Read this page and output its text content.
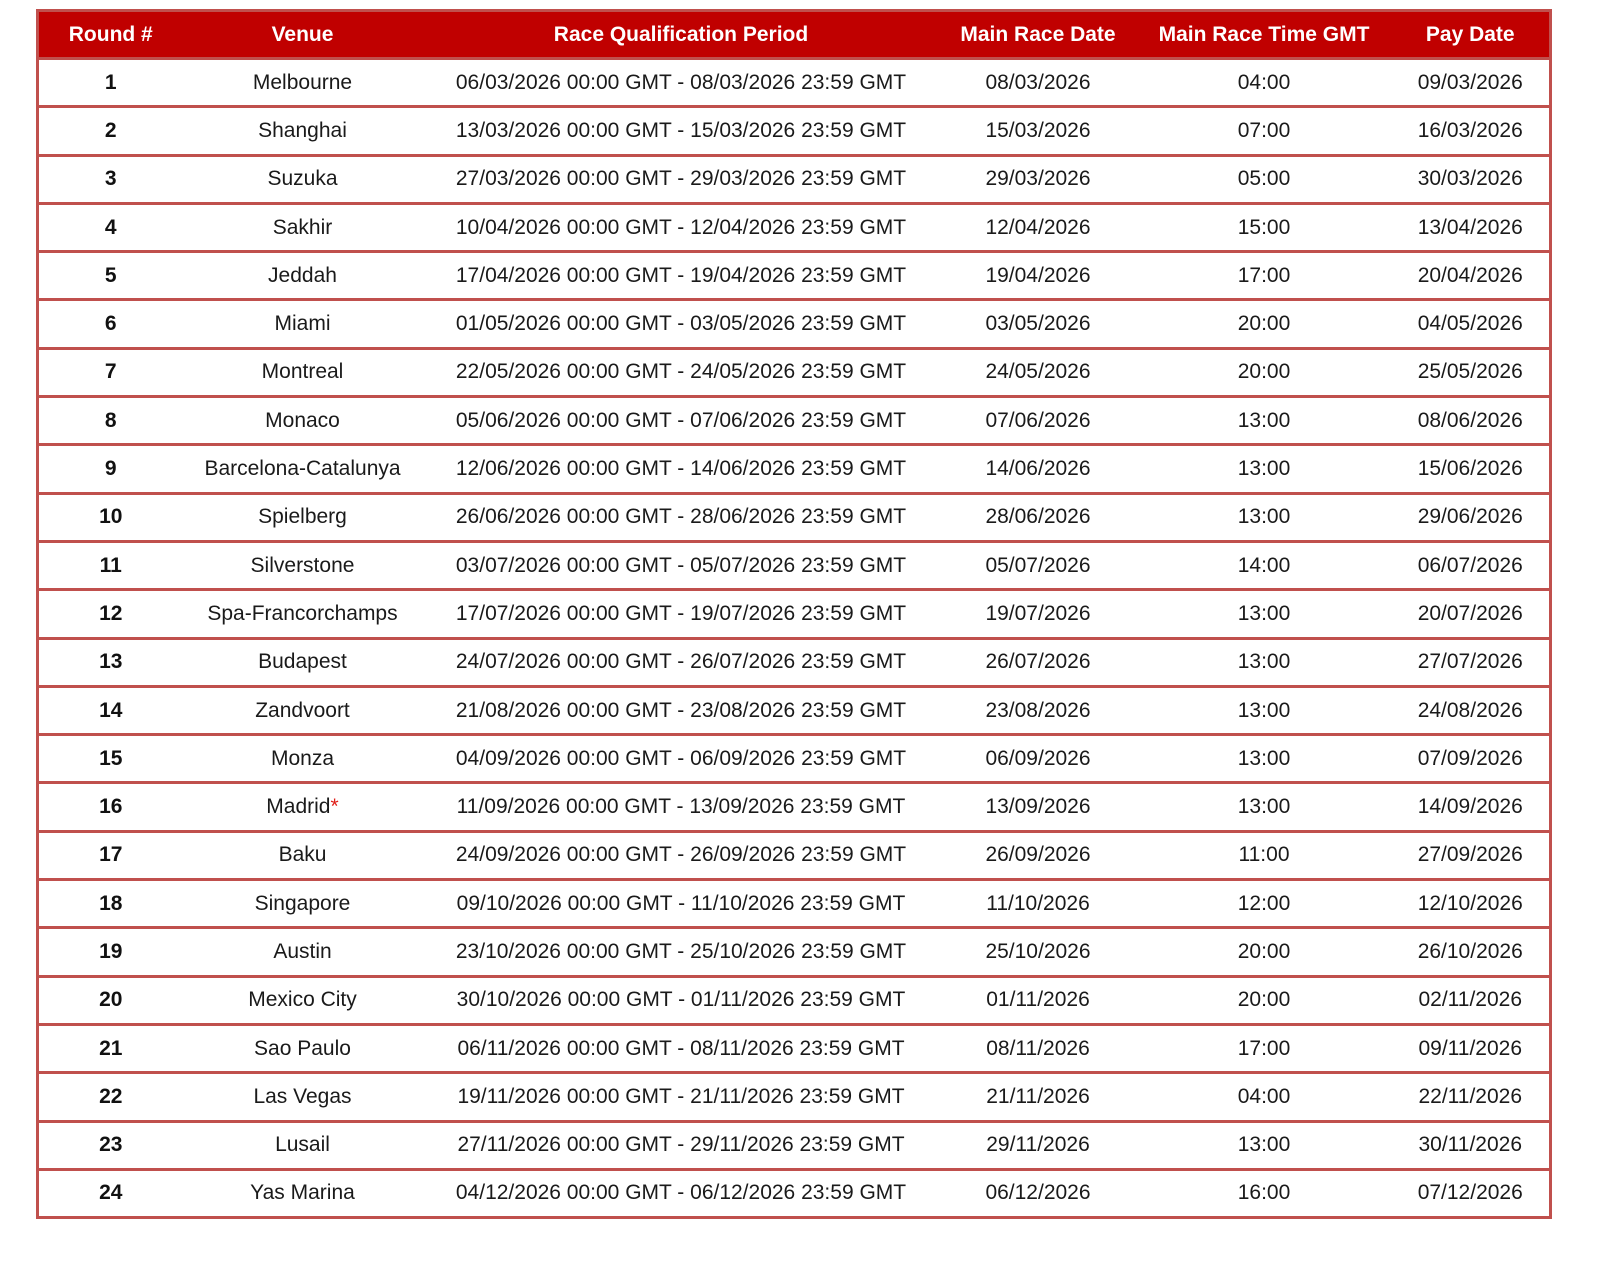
Round #	Venue	Race Qualification Period	Main Race Date	Main Race Time GMT	Pay Date
1	Melbourne	06/03/2026 00:00 GMT - 08/03/2026 23:59 GMT	08/03/2026	04:00	09/03/2026
2	Shanghai	13/03/2026 00:00 GMT - 15/03/2026 23:59 GMT	15/03/2026	07:00	16/03/2026
3	Suzuka	27/03/2026 00:00 GMT - 29/03/2026 23:59 GMT	29/03/2026	05:00	30/03/2026
4	Sakhir	10/04/2026 00:00 GMT - 12/04/2026 23:59 GMT	12/04/2026	15:00	13/04/2026
5	Jeddah	17/04/2026 00:00 GMT - 19/04/2026 23:59 GMT	19/04/2026	17:00	20/04/2026
6	Miami	01/05/2026 00:00 GMT - 03/05/2026 23:59 GMT	03/05/2026	20:00	04/05/2026
7	Montreal	22/05/2026 00:00 GMT - 24/05/2026 23:59 GMT	24/05/2026	20:00	25/05/2026
8	Monaco	05/06/2026 00:00 GMT - 07/06/2026 23:59 GMT	07/06/2026	13:00	08/06/2026
9	Barcelona-Catalunya	12/06/2026 00:00 GMT - 14/06/2026 23:59 GMT	14/06/2026	13:00	15/06/2026
10	Spielberg	26/06/2026 00:00 GMT - 28/06/2026 23:59 GMT	28/06/2026	13:00	29/06/2026
11	Silverstone	03/07/2026 00:00 GMT - 05/07/2026 23:59 GMT	05/07/2026	14:00	06/07/2026
12	Spa-Francorchamps	17/07/2026 00:00 GMT - 19/07/2026 23:59 GMT	19/07/2026	13:00	20/07/2026
13	Budapest	24/07/2026 00:00 GMT - 26/07/2026 23:59 GMT	26/07/2026	13:00	27/07/2026
14	Zandvoort	21/08/2026 00:00 GMT - 23/08/2026 23:59 GMT	23/08/2026	13:00	24/08/2026
15	Monza	04/09/2026 00:00 GMT - 06/09/2026 23:59 GMT	06/09/2026	13:00	07/09/2026
16	Madrid*	11/09/2026 00:00 GMT - 13/09/2026 23:59 GMT	13/09/2026	13:00	14/09/2026
17	Baku	24/09/2026 00:00 GMT - 26/09/2026 23:59 GMT	26/09/2026	11:00	27/09/2026
18	Singapore	09/10/2026 00:00 GMT - 11/10/2026 23:59 GMT	11/10/2026	12:00	12/10/2026
19	Austin	23/10/2026 00:00 GMT - 25/10/2026 23:59 GMT	25/10/2026	20:00	26/10/2026
20	Mexico City	30/10/2026 00:00 GMT - 01/11/2026 23:59 GMT	01/11/2026	20:00	02/11/2026
21	Sao Paulo	06/11/2026 00:00 GMT - 08/11/2026 23:59 GMT	08/11/2026	17:00	09/11/2026
22	Las Vegas	19/11/2026 00:00 GMT - 21/11/2026 23:59 GMT	21/11/2026	04:00	22/11/2026
23	Lusail	27/11/2026 00:00 GMT - 29/11/2026 23:59 GMT	29/11/2026	13:00	30/11/2026
24	Yas Marina	04/12/2026 00:00 GMT - 06/12/2026 23:59 GMT	06/12/2026	16:00	07/12/2026
